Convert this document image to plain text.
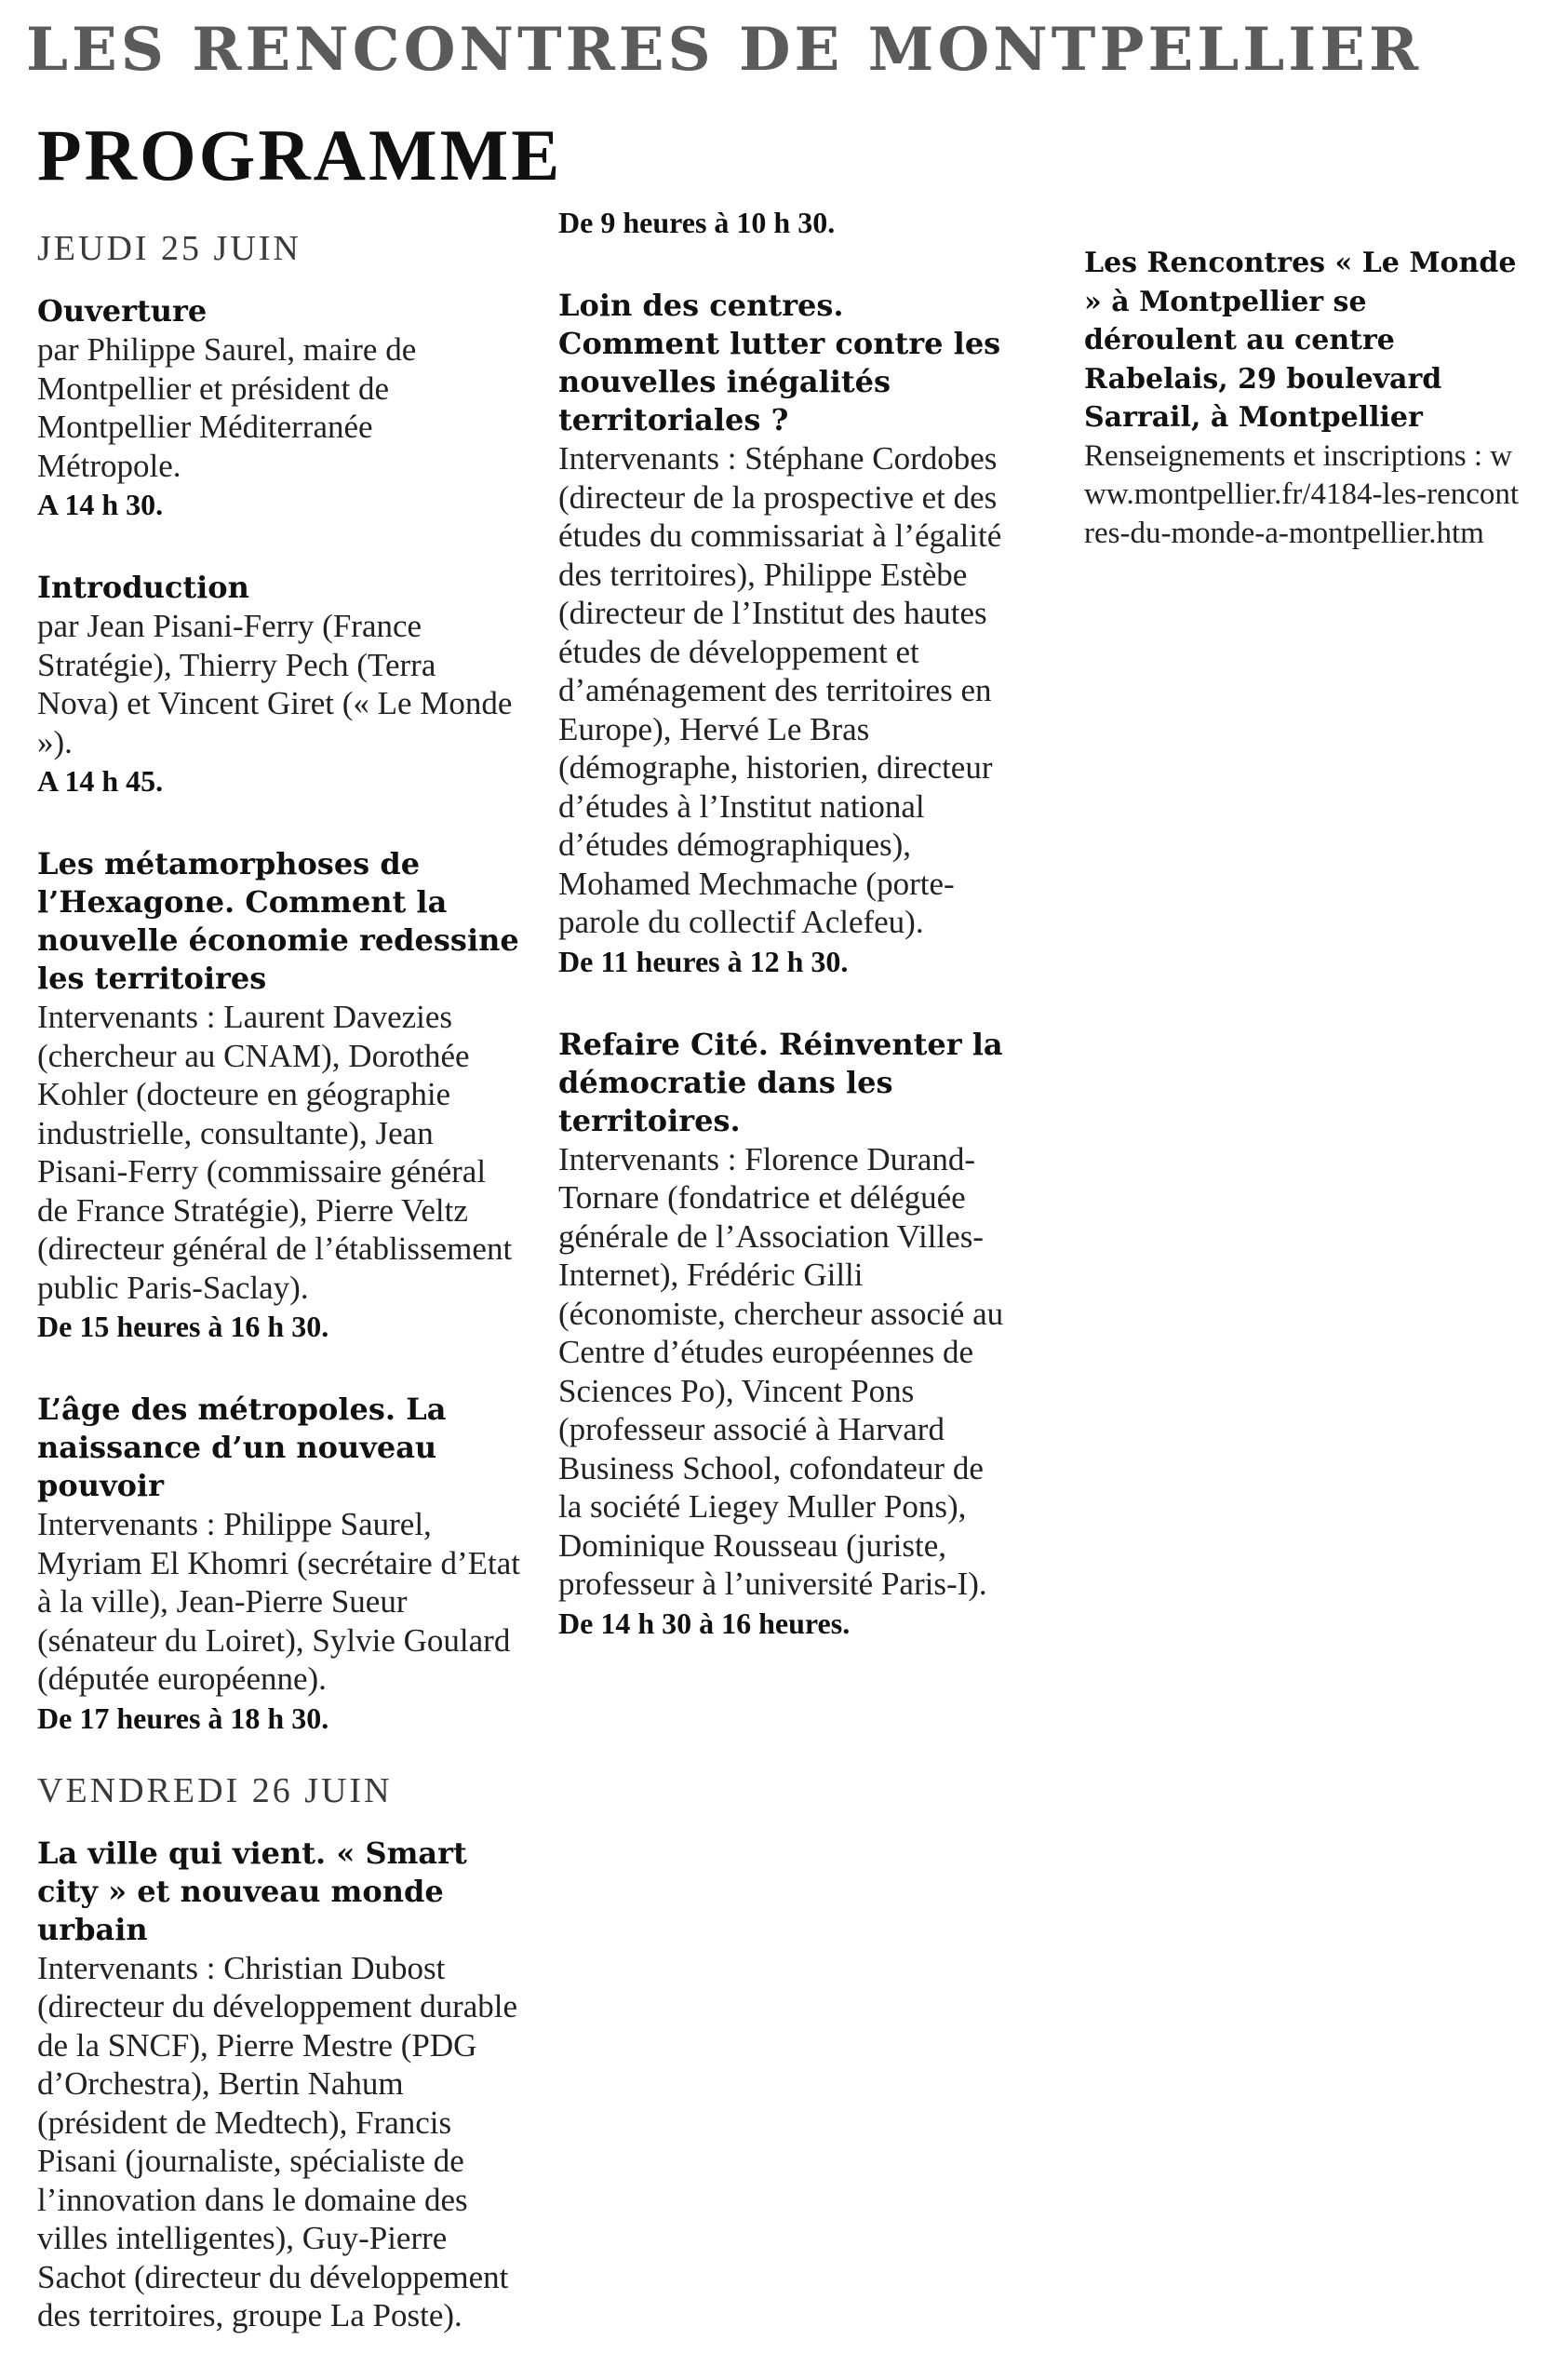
LES RENCONTRES DE MONTPELLIER
PROGRAMME

JEUDI 25 JUIN

Ouverture

par Philippe Saurel, maire de Montpellier et président de Montpellier Méditerranée Métropole.

A 14 h 30.

Introduction

par Jean Pisani-Ferry (France Stratégie), Thierry Pech (Terra Nova) et Vincent Giret (« Le Monde »).

A 14 h 45.

Les métamorphoses de l’Hexagone. Comment la nouvelle économie redessine les territoires

Intervenants : Laurent Davezies (chercheur au CNAM), Dorothée Kohler (docteure en géographie industrielle, consultante), Jean Pisani-Ferry (commissaire général de France Stratégie), Pierre Veltz (directeur général de l’établissement public Paris-Saclay).

De 15 heures à 16 h 30.

L’âge des métropoles. La naissance d’un nouveau pouvoir

Intervenants : Philippe Saurel, Myriam El Khomri (secrétaire d’Etat à la ville), Jean-Pierre Sueur (sénateur du Loiret), Sylvie Goulard (députée européenne).

De 17 heures à 18 h 30.

VENDREDI 26 JUIN

La ville qui vient. « Smart city » et nouveau monde urbain

Intervenants : Christian Dubost (directeur du développement durable de la SNCF), Pierre Mestre (PDG d’Orchestra), Bertin Nahum (président de Medtech), Francis Pisani (journaliste, spécialiste de l’innovation dans le domaine des villes intelligentes), Guy-Pierre Sachot (directeur du développement des territoires, groupe La Poste).

De 9 heures à 10 h 30.

Loin des centres. Comment lutter contre les nouvelles inégalités territoriales ?

Intervenants : Stéphane Cordobes (directeur de la prospective et des études du commissariat à l’égalité des territoires), Philippe Estèbe (directeur de l’Institut des hautes études de développement et d’aménagement des territoires en Europe), Hervé Le Bras (démographe, historien, directeur d’études à l’Institut national d’études démographiques), Mohamed Mechmache (porte-parole du collectif Aclefeu).

De 11 heures à 12 h 30.

Refaire Cité. Réinventer la démocratie dans les territoires.

Intervenants : Florence Durand-Tornare (fondatrice et déléguée générale de l’Association Villes-Internet), Frédéric Gilli (économiste, chercheur associé au Centre d’études européennes de Sciences Po), Vincent Pons (professeur associé à Harvard Business School, cofondateur de la société Liegey Muller Pons), Dominique Rousseau (juriste, professeur à l’université Paris-I).

De 14 h 30 à 16 heures.

Les Rencontres « Le Monde » à Montpellier se déroulent au centre Rabelais, 29 boulevard Sarrail, à Montpellier

Renseignements et inscriptions : www.montpellier.fr/4184-les-rencontres-du-monde-a-montpellier.htm
